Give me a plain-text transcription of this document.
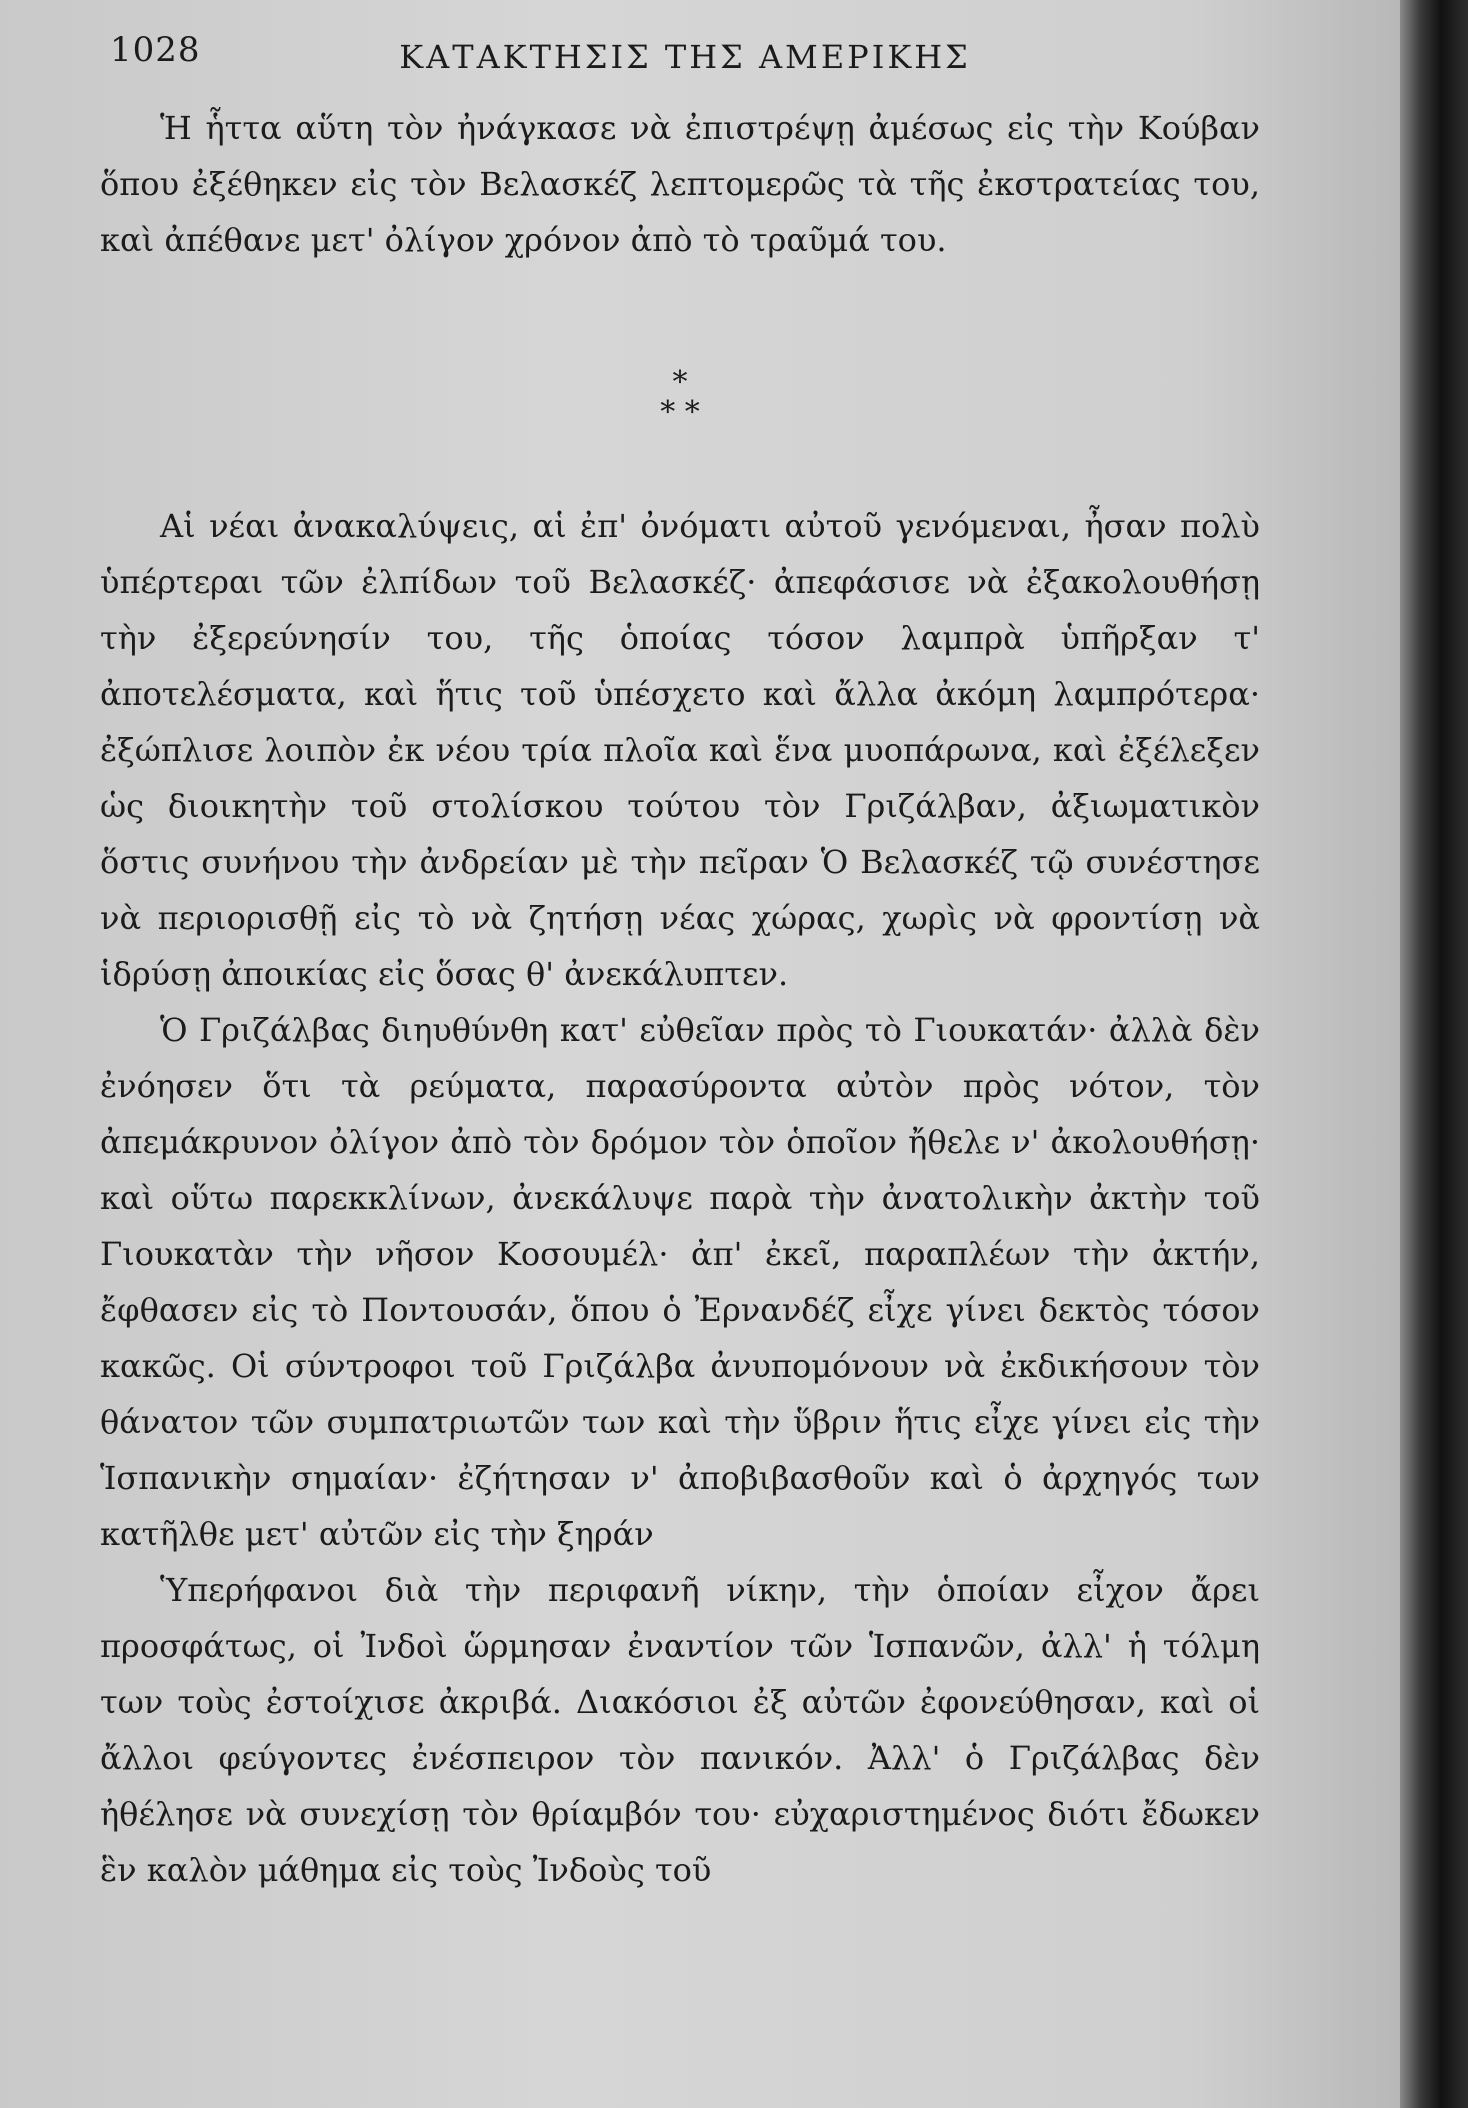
1028	ΚΑΤΑΚΤΗΣΙΣ ΤΗΣ ΑΜΕΡΙΚΗΣ

Ἡ ἧττα αὕτη τὸν ἠνάγκασε νὰ ἐπιστρέψῃ ἀμέσως εἰς τὴν Κούβαν ὅπου ἐξέθηκεν εἰς τὸν Βελασκέζ λεπτομερῶς τὰ τῆς ἐκστρατείας του, καὶ ἀπέθανε μετ' ὀλίγον χρόνον ἀπὸ τὸ τραῦμά του.

*
* *

Αἱ νέαι ἀνακαλύψεις, αἱ ἐπ' ὀνόματι αὐτοῦ γενόμεναι, ἦσαν πολὺ ὑπέρτεραι τῶν ἐλπίδων τοῦ Βελασκέζ· ἀπεφάσισε νὰ ἐξακολουθήσῃ τὴν ἐξερεύνησίν του, τῆς ὁποίας τόσον λαμπρὰ ὑπῆρξαν τ' ἀποτελέσματα, καὶ ἥτις τοῦ ὑπέσχετο καὶ ἄλλα ἀκόμη λαμπρότερα· ἐξώπλισε λοιπὸν ἐκ νέου τρία πλοῖα καὶ ἕνα μυοπάρωνα, καὶ ἐξέλεξεν ὡς διοικητὴν τοῦ στολίσκου τούτου τὸν Γριζάλβαν, ἀξιωματικὸν ὅστις συνήνου τὴν ἀνδρείαν μὲ τὴν πεῖραν Ὁ Βελασκέζ τῷ συνέστησε νὰ περιορισθῇ εἰς τὸ νὰ ζητήσῃ νέας χώρας, χωρὶς νὰ φροντίσῃ νὰ ἱδρύσῃ ἀποικίας εἰς ὅσας θ' ἀνεκάλυπτεν.

Ὁ Γριζάλβας διηυθύνθη κατ' εὐθεῖαν πρὸς τὸ Γιουκατάν· ἀλλὰ δὲν ἐνόησεν ὅτι τὰ ρεύματα, παρασύροντα αὐτὸν πρὸς νότον, τὸν ἀπεμάκρυνον ὀλίγον ἀπὸ τὸν δρόμον τὸν ὁποῖον ἤθελε ν' ἀκολουθήσῃ· καὶ οὕτω παρεκκλίνων, ἀνεκάλυψε παρὰ τὴν ἀνατολικὴν ἀκτὴν τοῦ Γιουκατὰν τὴν νῆσον Κοσουμέλ· ἀπ' ἐκεῖ, παραπλέων τὴν ἀκτήν, ἔφθασεν εἰς τὸ Ποντουσάν, ὅπου ὁ Ἐρνανδέζ εἶχε γίνει δεκτὸς τόσον κακῶς. Οἱ σύντροφοι τοῦ Γριζάλβα ἀνυπομόνουν νὰ ἐκδικήσουν τὸν θάνατον τῶν συμπατριωτῶν των καὶ τὴν ὕβριν ἥτις εἶχε γίνει εἰς τὴν Ἱσπανικὴν σημαίαν· ἐζήτησαν ν' ἀποβιβασθοῦν καὶ ὁ ἀρχηγός των κατῆλθε μετ' αὐτῶν εἰς τὴν ξηράν

Ὑπερήφανοι διὰ τὴν περιφανῆ νίκην, τὴν ὁποίαν εἶχον ἄρει προσφάτως, οἱ Ἰνδοὶ ὥρμησαν ἐναντίον τῶν Ἱσπανῶν, ἀλλ' ἡ τόλμη των τοὺς ἐστοίχισε ἀκριβά. Διακόσιοι ἐξ αὐτῶν ἐφονεύθησαν, καὶ οἱ ἄλλοι φεύγοντες ἐνέσπειρον τὸν πανικόν. Ἀλλ' ὁ Γριζάλβας δὲν ἠθέλησε νὰ συνεχίσῃ τὸν θρίαμβόν του· εὐχαριστημένος διότι ἔδωκεν ἓν καλὸν μάθημα εἰς τοὺς Ἰνδοὺς τοῦ
